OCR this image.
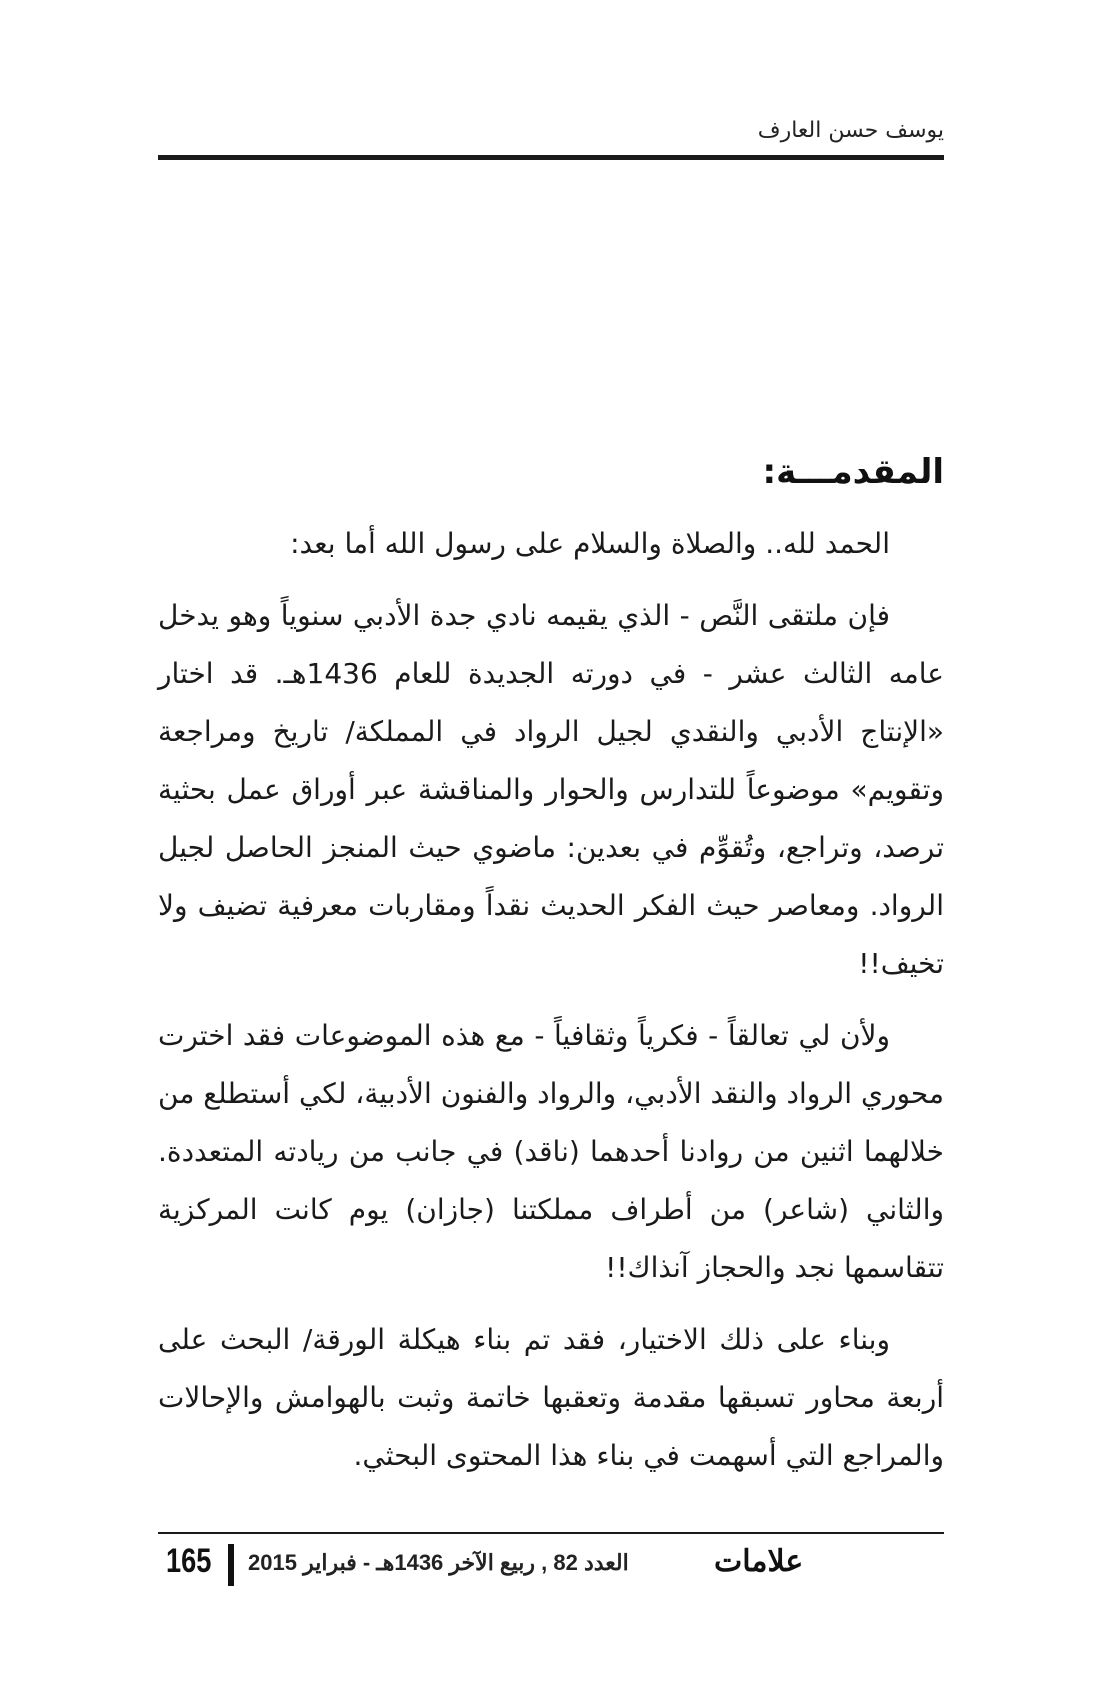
يوسف حسن العارف
المقدمـــة:

الحمد لله.. والصلاة والسلام على رسول الله أما بعد:

فإن ملتقى النَّص - الذي يقيمه نادي جدة الأدبي سنوياً وهو يدخل عامه الثالث عشر - في دورته الجديدة للعام 1436هـ. قد اختار «الإنتاج الأدبي والنقدي لجيل الرواد في المملكة/ تاريخ ومراجعة وتقويم» موضوعاً للتدارس والحوار والمناقشة عبر أوراق عمل بحثية ترصد، وتراجع، وتُقوِّم في بعدين: ماضوي حيث المنجز الحاصل لجيل الرواد. ومعاصر حيث الفكر الحديث نقداً ومقاربات معرفية تضيف ولا تخيف!!

ولأن لي تعالقاً - فكرياً وثقافياً - مع هذه الموضوعات فقد اخترت محوري الرواد والنقد الأدبي، والرواد والفنون الأدبية، لكي أستطلع من خلالهما اثنين من روادنا أحدهما (ناقد) في جانب من ريادته المتعددة. والثاني (شاعر) من أطراف مملكتنا (جازان) يوم كانت المركزية تتقاسمها نجد والحجاز آنذاك!!

وبناء على ذلك الاختيار، فقد تم بناء هيكلة الورقة/ البحث على أربعة محاور تسبقها مقدمة وتعقبها خاتمة وثبت بالهوامش والإحالات والمراجع التي أسهمت في بناء هذا المحتوى البحثي.

165 العدد 82 , ربيع الآخر 1436هـ - فبراير 2015	علامات
